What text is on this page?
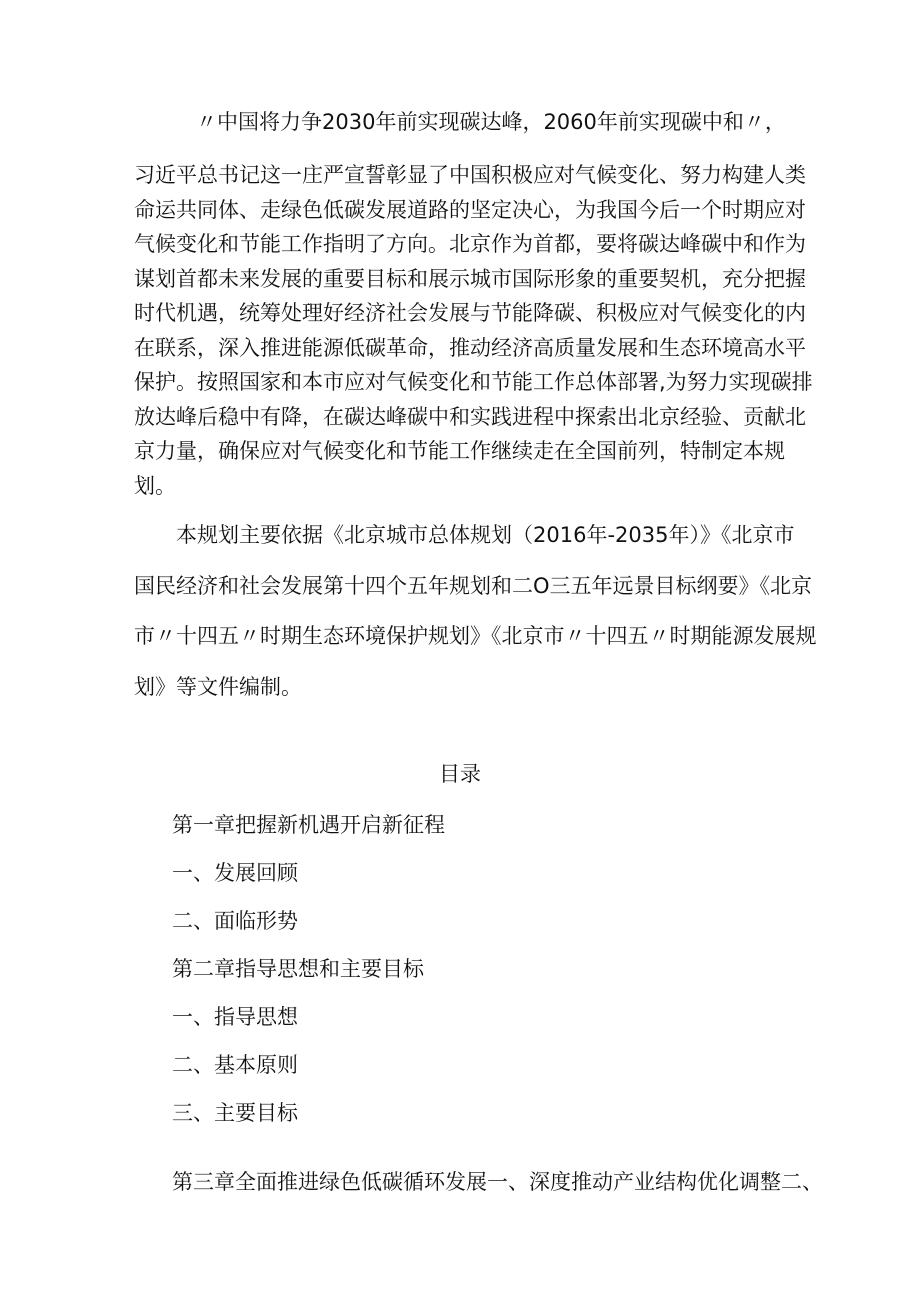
〃中国将力争2030年前实现碳达峰，2060年前实现碳中和〃，
习近平总书记这一庄严宣誓彰显了中国积极应对气候变化、努力构建人类
命运共同体、走绿色低碳发展道路的坚定决心，为我国今后一个时期应对
气候变化和节能工作指明了方向。北京作为首都，要将碳达峰碳中和作为
谋划首都未来发展的重要目标和展示城市国际形象的重要契机，充分把握
时代机遇，统筹处理好经济社会发展与节能降碳、积极应对气候变化的内
在联系，深入推进能源低碳革命，推动经济高质量发展和生态环境高水平
保护。按照国家和本市应对气候变化和节能工作总体部署,为努力实现碳排
放达峰后稳中有降，在碳达峰碳中和实践进程中探索出北京经验、贡献北
京力量，确保应对气候变化和节能工作继续走在全国前列，特制定本规
划。
　　本规划主要依据《北京城市总体规划（2016年-2035年）》《北京市
国民经济和社会发展第十四个五年规划和二O三五年远景目标纲要》《北京
市〃十四五〃时期生态环境保护规划》《北京市〃十四五〃时期能源发展规
划》等文件编制。
目录
第一章把握新机遇开启新征程
一、发展回顾
二、面临形势
第二章指导思想和主要目标
一、指导思想
二、基本原则
三、主要目标
第三章全面推进绿色低碳循环发展一、深度推动产业结构优化调整二、
